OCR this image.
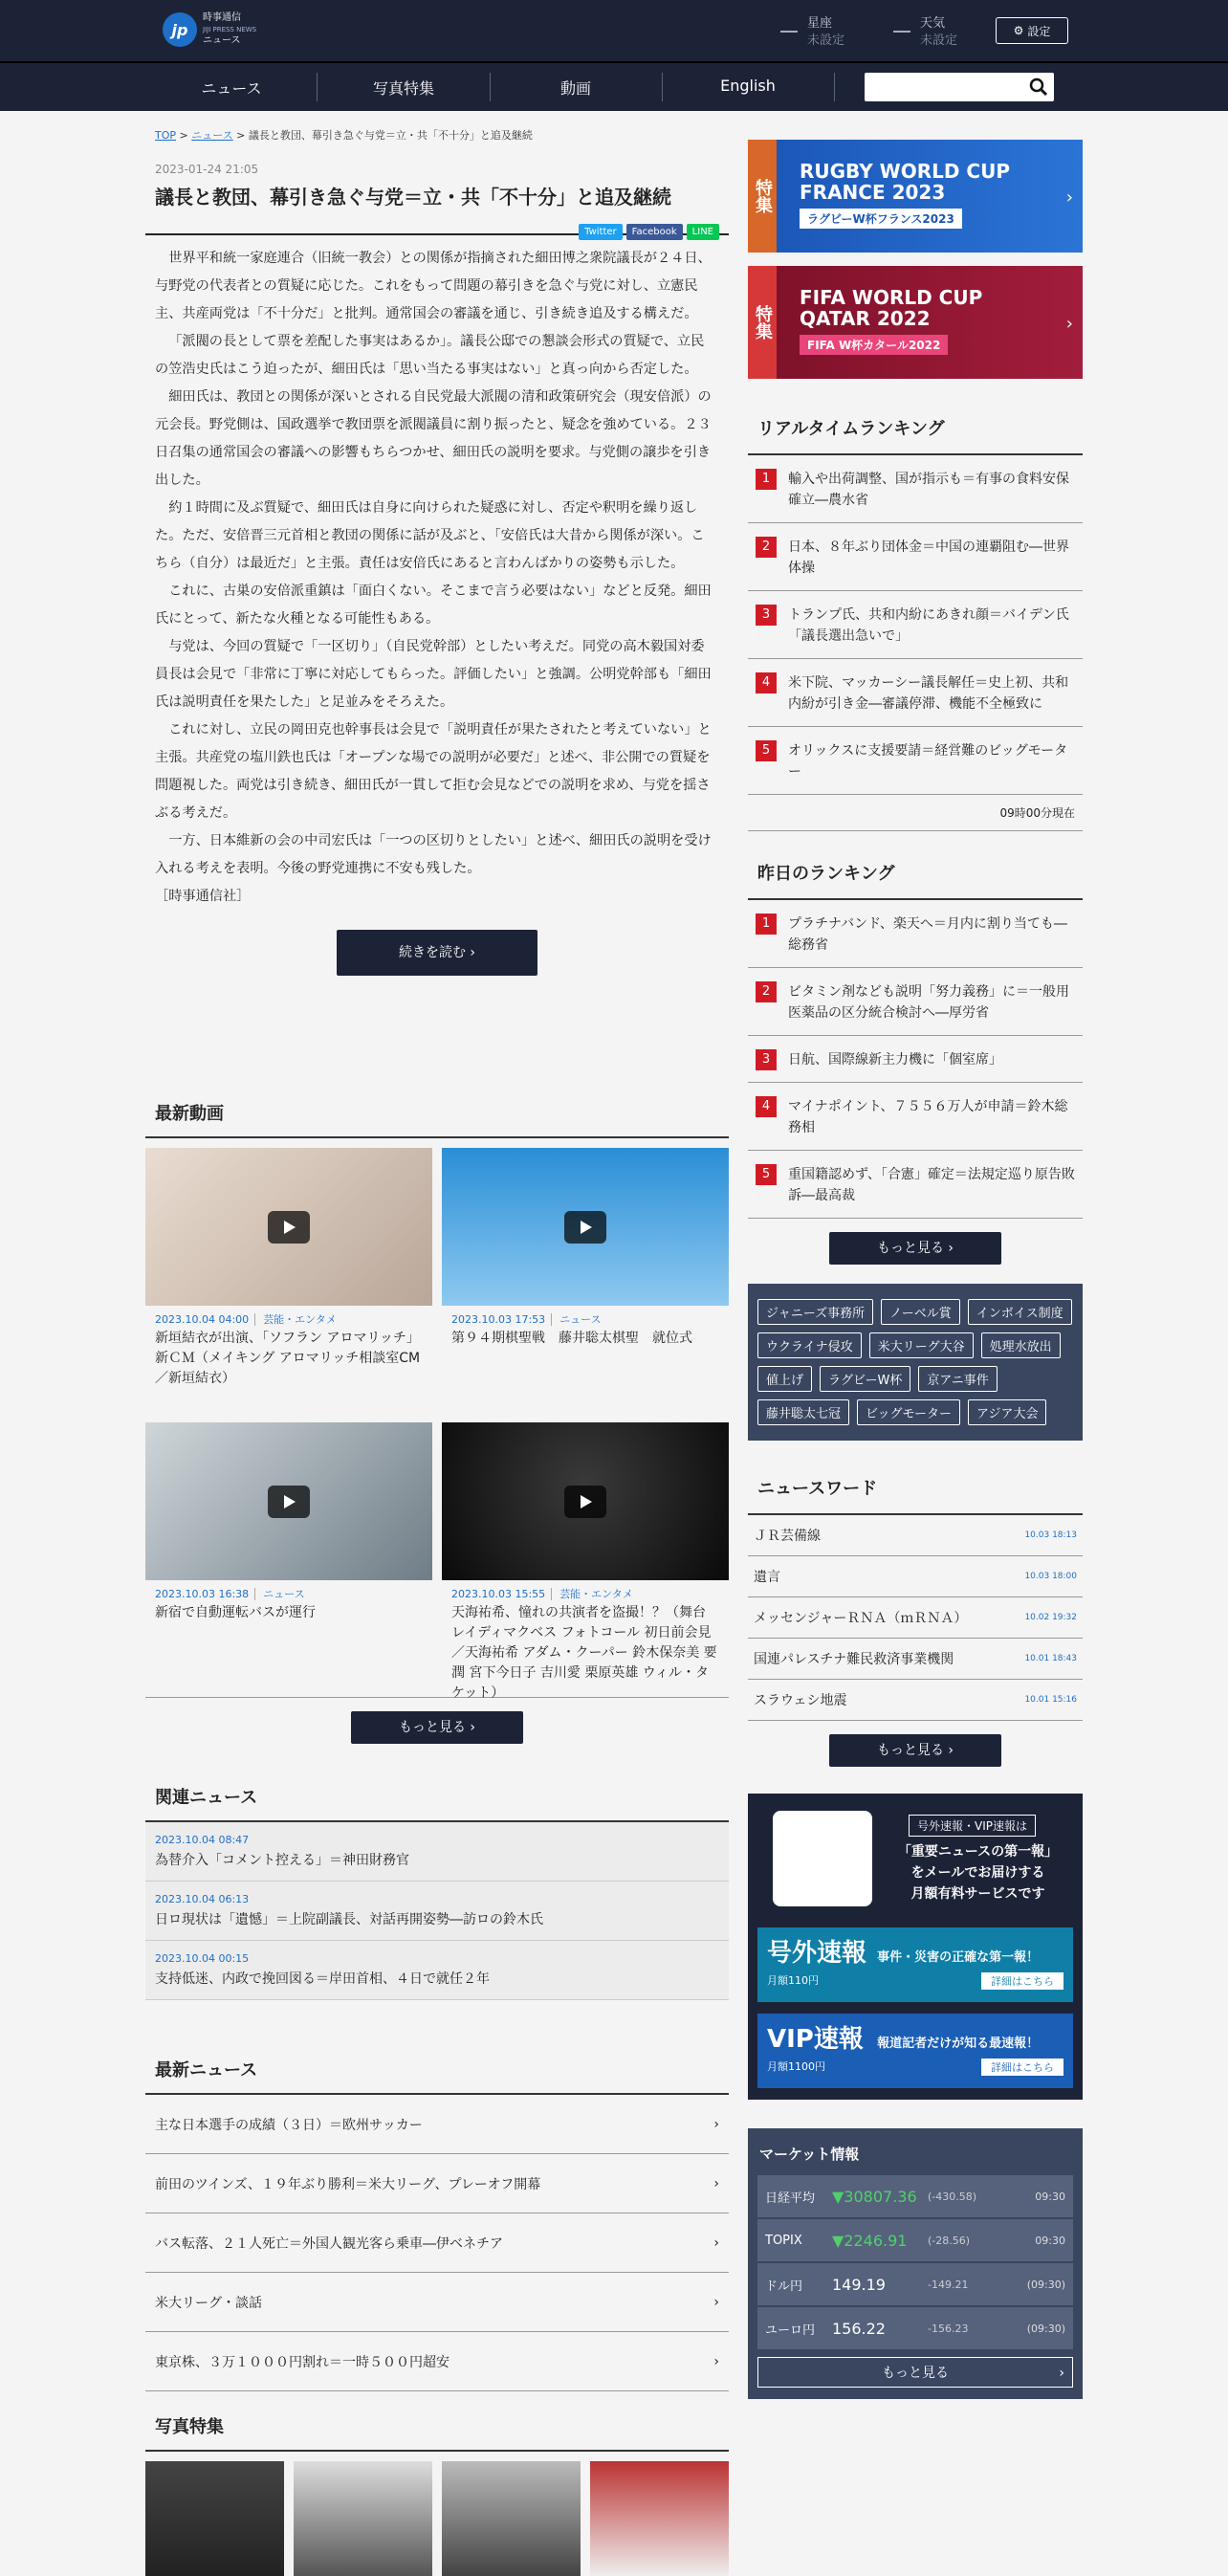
jp
時事通信
JIJI PRESS NEWS
ニュース
星座
未設定
天気
未設定
⚙ 設定
ニュース	写真特集	動画	English
TOP > ニュース > 議長と教団、幕引き急ぐ与党＝立・共「不十分」と追及継続
2023-01-24 21:05
議長と教団、幕引き急ぐ与党＝立・共「不十分」と追及継続
Twitter	Facebook	LINE

世界平和統一家庭連合（旧統一教会）との関係が指摘された細田博之衆院議長が２４日、与野党の代表者との質疑に応じた。これをもって問題の幕引きを急ぐ与党に対し、立憲民主、共産両党は「不十分だ」と批判。通常国会の審議を通じ、引き続き追及する構えだ。

「派閥の長として票を差配した事実はあるか」。議長公邸での懇談会形式の質疑で、立民の笠浩史氏はこう迫ったが、細田氏は「思い当たる事実はない」と真っ向から否定した。

細田氏は、教団との関係が深いとされる自民党最大派閥の清和政策研究会（現安倍派）の元会長。野党側は、国政選挙で教団票を派閥議員に割り振ったと、疑念を強めている。２３日召集の通常国会の審議への影響もちらつかせ、細田氏の説明を要求。与党側の譲歩を引き出した。

約１時間に及ぶ質疑で、細田氏は自身に向けられた疑惑に対し、否定や釈明を繰り返した。ただ、安倍晋三元首相と教団の関係に話が及ぶと、「安倍氏は大昔から関係が深い。こちら（自分）は最近だ」と主張。責任は安倍氏にあると言わんばかりの姿勢も示した。

これに、古巣の安倍派重鎮は「面白くない。そこまで言う必要はない」などと反発。細田氏にとって、新たな火種となる可能性もある。

与党は、今回の質疑で「一区切り」（自民党幹部）としたい考えだ。同党の高木毅国対委員長は会見で「非常に丁寧に対応してもらった。評価したい」と強調。公明党幹部も「細田氏は説明責任を果たした」と足並みをそろえた。

これに対し、立民の岡田克也幹事長は会見で「説明責任が果たされたと考えていない」と主張。共産党の塩川鉄也氏は「オープンな場での説明が必要だ」と述べ、非公開での質疑を問題視した。両党は引き続き、細田氏が一貫して拒む会見などでの説明を求め、与党を揺さぶる考えだ。

一方、日本維新の会の中司宏氏は「一つの区切りとしたい」と述べ、細田氏の説明を受け入れる考えを表明。今後の野党連携に不安も残した。

［時事通信社］
続きを読む ›
最新動画
2023.10.04 04:00 芸能・エンタメ
新垣結衣が出演、「ソフラン アロマリッチ」新ＣＭ（メイキング アロマリッチ相談室CM／新垣結衣）
2023.10.03 17:53 ニュース
第９４期棋聖戦　藤井聡太棋聖　就位式
2023.10.03 16:38 ニュース
新宿で自動運転バスが運行
2023.10.03 15:55 芸能・エンタメ
天海祐希、憧れの共演者を盗撮！？（舞台 レイディマクベス フォトコール 初日前会見／天海祐希 アダム・クーパー 鈴木保奈美 要潤 宮下今日子 吉川愛 栗原英雄 ウィル・タケット）
もっと見る ›
関連ニュース
2023.10.04 08:47
為替介入「コメント控える」＝神田財務官
2023.10.04 06:13
日ロ現状は「遺憾」＝上院副議長、対話再開姿勢―訪ロの鈴木氏
2023.10.04 00:15
支持低迷、内政で挽回図る＝岸田首相、４日で就任２年
最新ニュース
主な日本選手の成績（３日）＝欧州サッカー	›
前田のツインズ、１９年ぶり勝利＝米大リーグ、プレーオフ開幕	›
バス転落、２１人死亡＝外国人観光客ら乗車―伊ベネチア	›
米大リーグ・談話	›
東京株、３万１０００円割れ＝一時５００円超安	›
写真特集
特集
RUGBY WORLD CUP
FRANCE 2023
ラグビーW杯フランス2023
›
特集
FIFA WORLD CUP
QATAR 2022
FIFA W杯カタール2022
›
リアルタイムランキング
1	輸入や出荷調整、国が指示も＝有事の食料安保確立―農水省
2	日本、８年ぶり団体金＝中国の連覇阻む―世界体操
3	トランプ氏、共和内紛にあきれ顔＝バイデン氏「議長選出急いで」
4	米下院、マッカーシー議長解任＝史上初、共和内紛が引き金―審議停滞、機能不全極致に
5	オリックスに支援要請＝経営難のビッグモーター
09時00分現在
昨日のランキング
1	プラチナバンド、楽天へ＝月内に割り当ても―総務省
2	ビタミン剤なども説明「努力義務」に＝一般用医薬品の区分統合検討へ―厚労省
3	日航、国際線新主力機に「個室席」
4	マイナポイント、７５５６万人が申請＝鈴木総務相
5	重国籍認めず、「合憲」確定＝法規定巡り原告敗訴―最高裁
もっと見る ›
ジャニーズ事務所	ノーベル賞	インボイス制度
ウクライナ侵攻	米大リーグ大谷	処理水放出
値上げ	ラグビーW杯	京アニ事件
藤井聡太七冠	ビッグモーター	アジア大会
ニュースワード
ＪＲ芸備線	10.03 18:13
遺言	10.03 18:00
メッセンジャーＲＮＡ（ｍＲＮＡ）	10.02 19:32
国連パレスチナ難民救済事業機関	10.01 18:43
スラウェシ地震	10.01 15:16
もっと見る ›
号外速報・VIP速報は
「重要ニュースの第一報」
をメールでお届けする
月額有料サービスです
号外速報 事件・災害の正確な第一報！
月額110円	詳細はこちら
VIP速報 報道記者だけが知る最速報！
月額1100円	詳細はこちら
マーケット情報
日経平均	▼30807.36	(-430.58)	09:30
TOPIX	▼2246.91	(-28.56)	09:30
ドル円	149.19	-149.21	(09:30)
ユーロ円	156.22	-156.23	(09:30)
もっと見る	›
